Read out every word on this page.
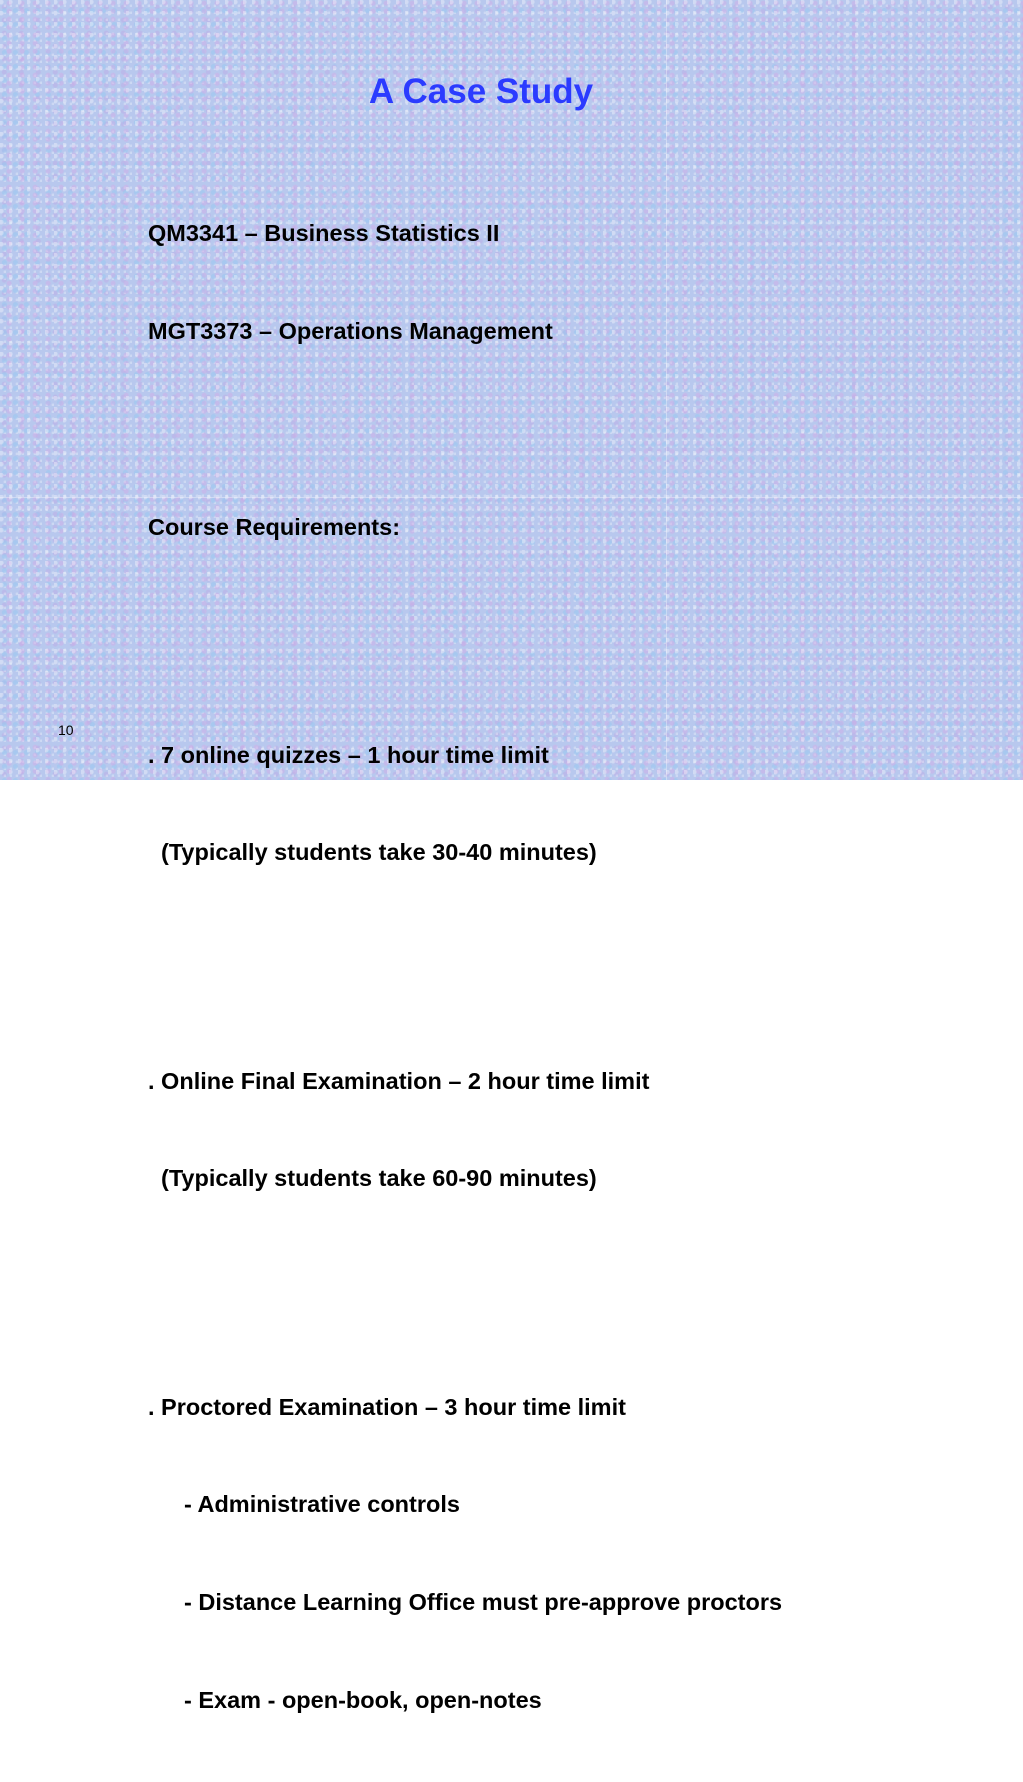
A Case Study

QM3341 – Business Statistics II

MGT3373 – Operations Management

Course Requirements:

. 7 online quizzes – 1 hour time limit

(Typically students take 30-40 minutes)

. Online Final Examination – 2 hour time limit

(Typically students take 60-90 minutes)

. Proctored Examination – 3 hour time limit

- Administrative controls

- Distance Learning Office must pre-approve proctors

- Exam - open-book, open-notes

10
